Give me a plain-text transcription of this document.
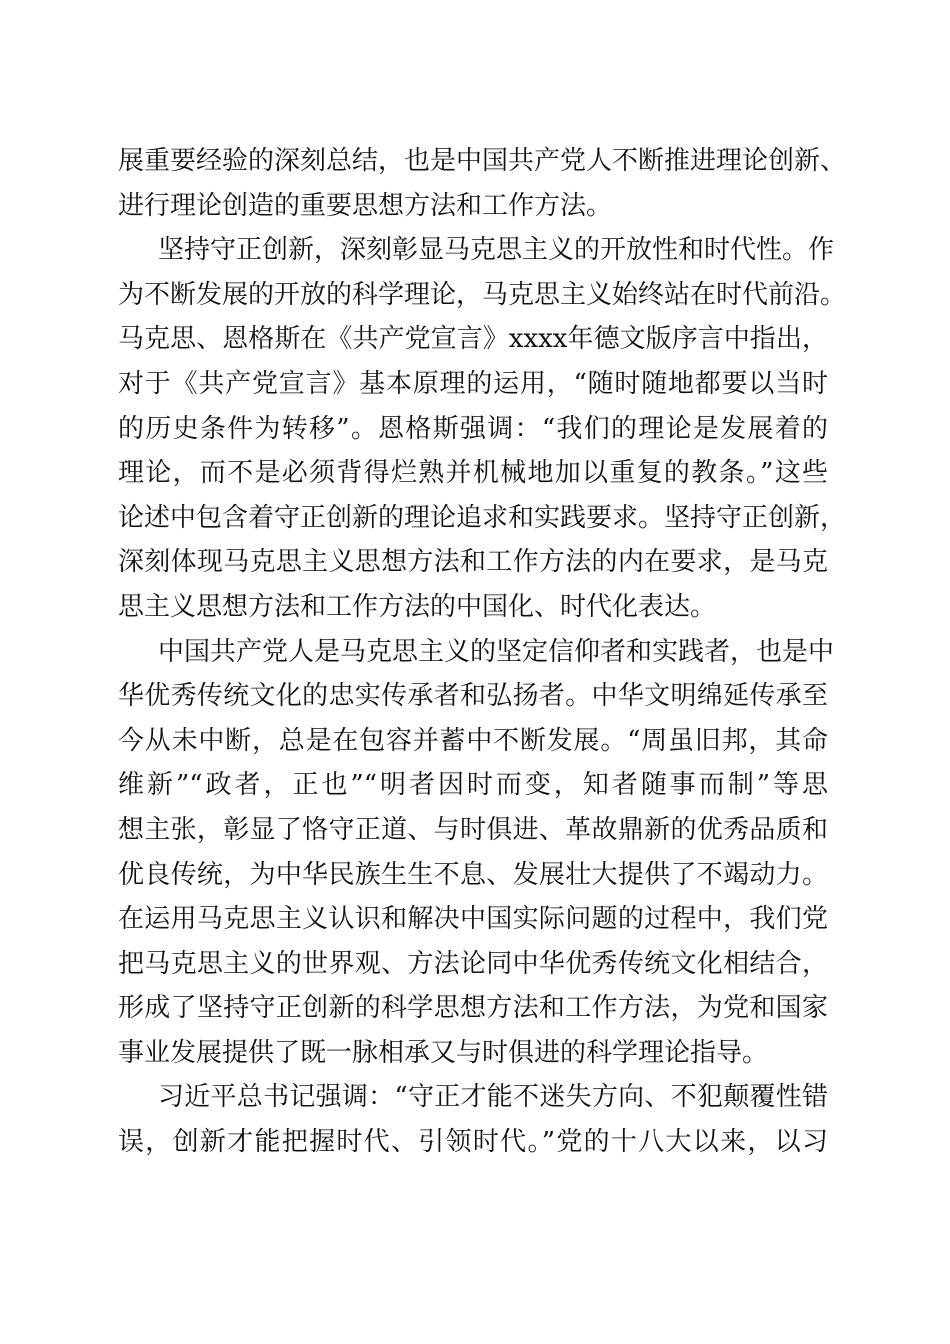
展重要经验的深刻总结，也是中国共产党人不断推进理论创新、
进行理论创造的重要思想方法和工作方法。
坚持守正创新，深刻彰显马克思主义的开放性和时代性。作
为不断发展的开放的科学理论，马克思主义始终站在时代前沿。
马克思、恩格斯在《共产党宣言》xxxx年德文版序言中指出，
对于《共产党宣言》基本原理的运用，“随时随地都要以当时
的历史条件为转移”。恩格斯强调：“我们的理论是发展着的
理论，而不是必须背得烂熟并机械地加以重复的教条。”这些
论述中包含着守正创新的理论追求和实践要求。坚持守正创新，
深刻体现马克思主义思想方法和工作方法的内在要求，是马克
思主义思想方法和工作方法的中国化、时代化表达。
中国共产党人是马克思主义的坚定信仰者和实践者，也是中
华优秀传统文化的忠实传承者和弘扬者。中华文明绵延传承至
今从未中断，总是在包容并蓄中不断发展。“周虽旧邦，其命
维新”“政者，正也”“明者因时而变，知者随事而制”等思
想主张，彰显了恪守正道、与时俱进、革故鼎新的优秀品质和
优良传统，为中华民族生生不息、发展壮大提供了不竭动力。
在运用马克思主义认识和解决中国实际问题的过程中，我们党
把马克思主义的世界观、方法论同中华优秀传统文化相结合，
形成了坚持守正创新的科学思想方法和工作方法，为党和国家
事业发展提供了既一脉相承又与时俱进的科学理论指导。
习近平总书记强调：“守正才能不迷失方向、不犯颠覆性错
误，创新才能把握时代、引领时代。”党的十八大以来，以习
